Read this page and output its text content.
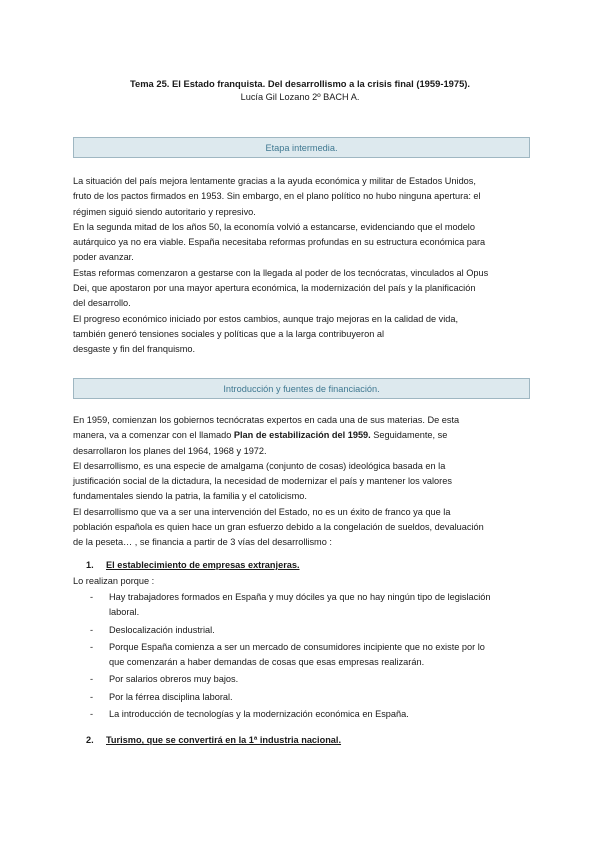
Tema 25. El Estado franquista. Del desarrollismo a la crisis final (1959-1975).
Lucía Gil Lozano 2º BACH A.
Etapa intermedia.

La situación del país mejora lentamente gracias a la ayuda económica y militar de Estados Unidos,

fruto de los pactos firmados en 1953. Sin embargo, en el plano político no hubo ninguna apertura: el

régimen siguió siendo autoritario y represivo.

En la segunda mitad de los años 50, la economía volvió a estancarse, evidenciando que el modelo

autárquico ya no era viable. España necesitaba reformas profundas en su estructura económica para

poder avanzar.

Estas reformas comenzaron a gestarse con la llegada al poder de los tecnócratas, vinculados al Opus

Dei, que apostaron por una mayor apertura económica, la modernización del país y la planificación

del desarrollo.

El progreso económico iniciado por estos cambios, aunque trajo mejoras en la calidad de vida,

también generó tensiones sociales y políticas que a la larga contribuyeron al

desgaste y fin del franquismo.

Introducción y fuentes de financiación.

En 1959, comienzan los gobiernos tecnócratas expertos en cada una de sus materias. De esta

manera, va a comenzar con el llamado Plan de estabilización del 1959. Seguidamente, se

desarrollaron los planes del 1964, 1968 y 1972.

El desarrollismo, es una especie de amalgama (conjunto de cosas) ideológica basada en la

justificación social de la dictadura, la necesidad de modernizar el país y mantener los valores

fundamentales siendo la patria, la familia y el catolicismo.

El desarrollismo que va a ser una intervención del Estado, no es un éxito de franco ya que la

población española es quien hace un gran esfuerzo debido a la congelación de sueldos, devaluación

de la peseta… , se financia a partir de 3 vías del desarrollismo :

1. El establecimiento de empresas extranjeras.
Lo realizan porque :
- Hay trabajadores formados en España y muy dóciles ya que no hay ningún tipo de legislación
laboral.
- Deslocalización industrial.
- Porque España comienza a ser un mercado de consumidores incipiente que no existe por lo
que comenzarán a haber demandas de cosas que esas empresas realizarán.
- Por salarios obreros muy bajos.
- Por la férrea disciplina laboral.
- La introducción de tecnologías y la modernización económica en España.
2. Turismo, que se convertirá en la 1ª industria nacional.
